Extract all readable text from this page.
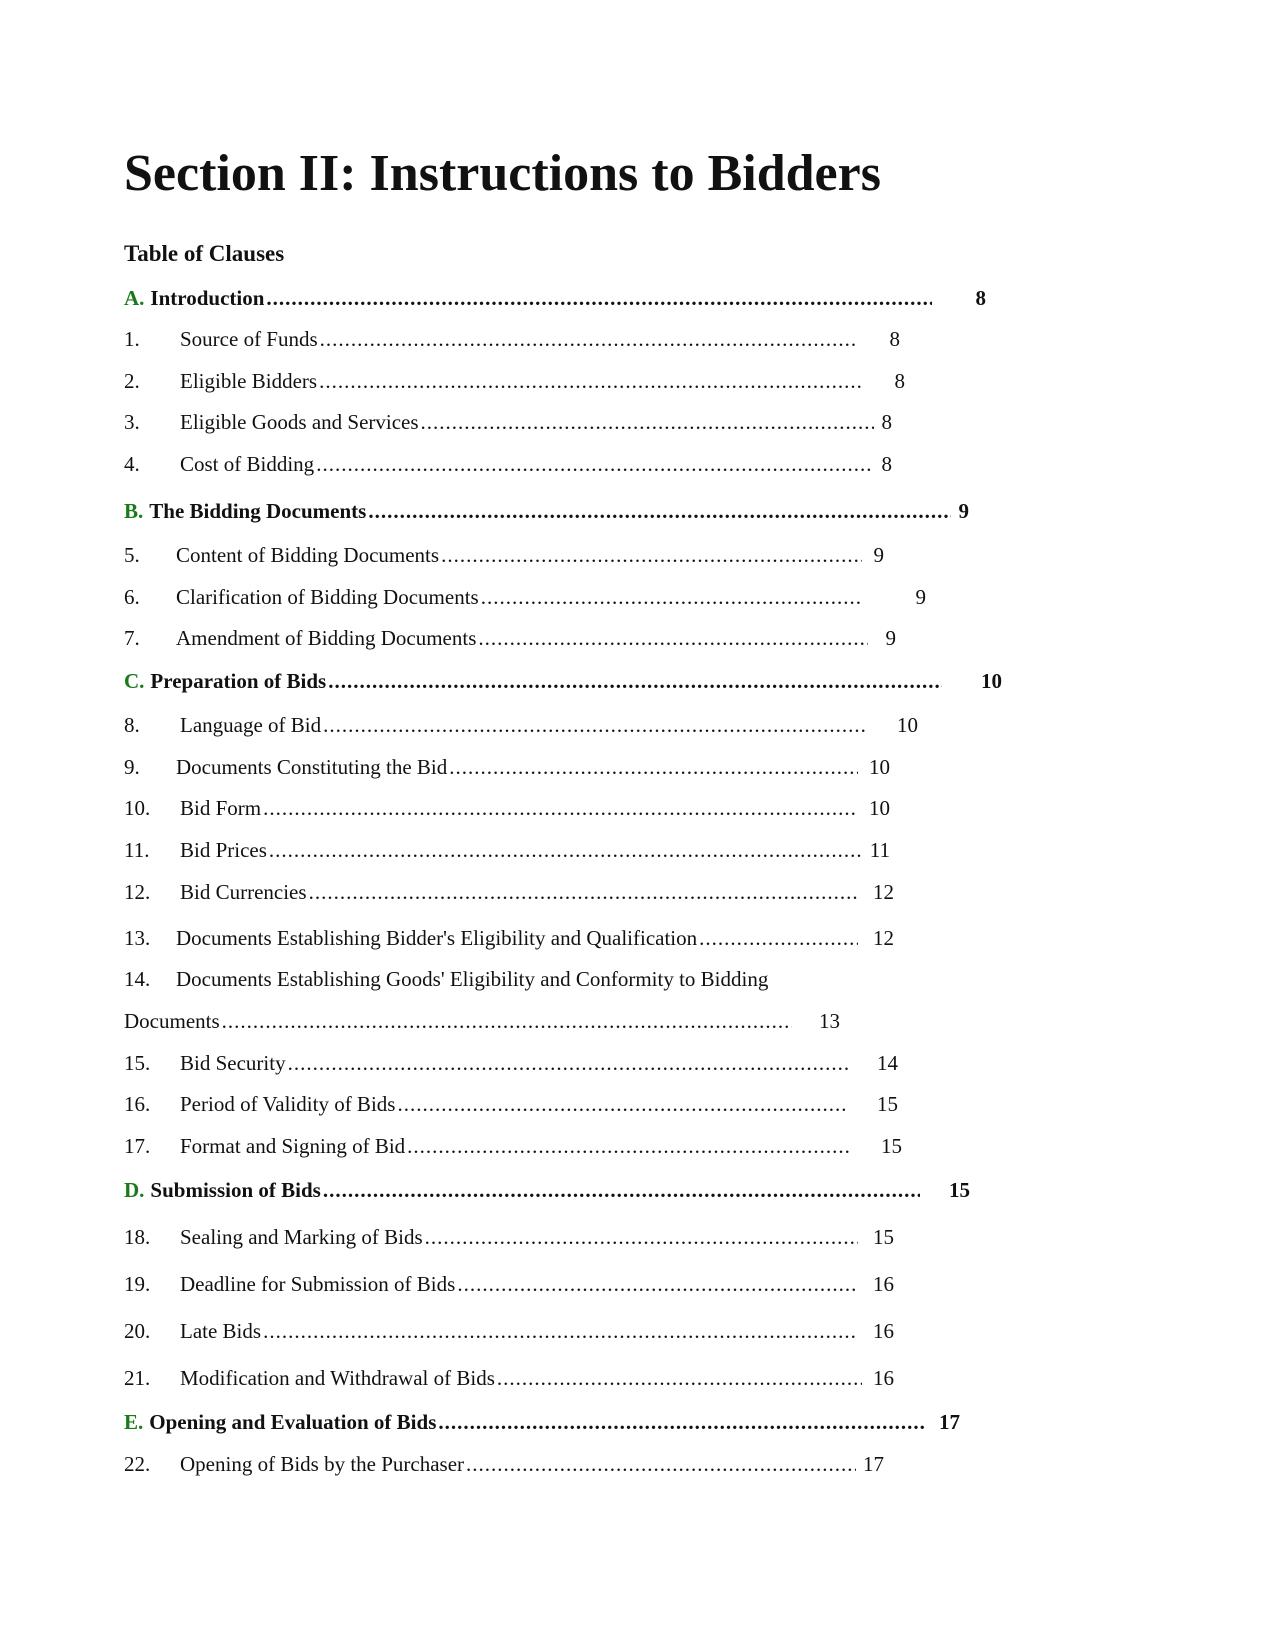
Section II: Instructions to Bidders
Table of Clauses
A. Introduction .....	8
1.	Source of Funds .....	8
2.	Eligible Bidders .....	8
3.	Eligible Goods and Services .....	8
4.	Cost of Bidding .....	8
B. The Bidding Documents .....	9
5.	Content of Bidding Documents .....	9
6.	Clarification of Bidding Documents .....	9
7.	Amendment of Bidding Documents .....	9
C. Preparation of Bids .....	10
8.	Language of Bid .....	10
9.	Documents Constituting the Bid .....	10
10.	Bid Form .....	10
11.	Bid Prices .....	11
12.	Bid Currencies .....	12
13.	Documents Establishing Bidder's Eligibility and Qualification .....	12
14.	Documents Establishing Goods' Eligibility and Conformity to Bidding
Documents .....	13
15.	Bid Security .....	14
16.	Period of Validity of Bids .....	15
17.	Format and Signing of Bid .....	15
D. Submission of Bids .....	15
18.	Sealing and Marking of Bids .....	15
19.	Deadline for Submission of Bids .....	16
20.	Late Bids .....	16
21.	Modification and Withdrawal of Bids .....	16
E. Opening and Evaluation of Bids .....	17
22.	Opening of Bids by the Purchaser .....	17
